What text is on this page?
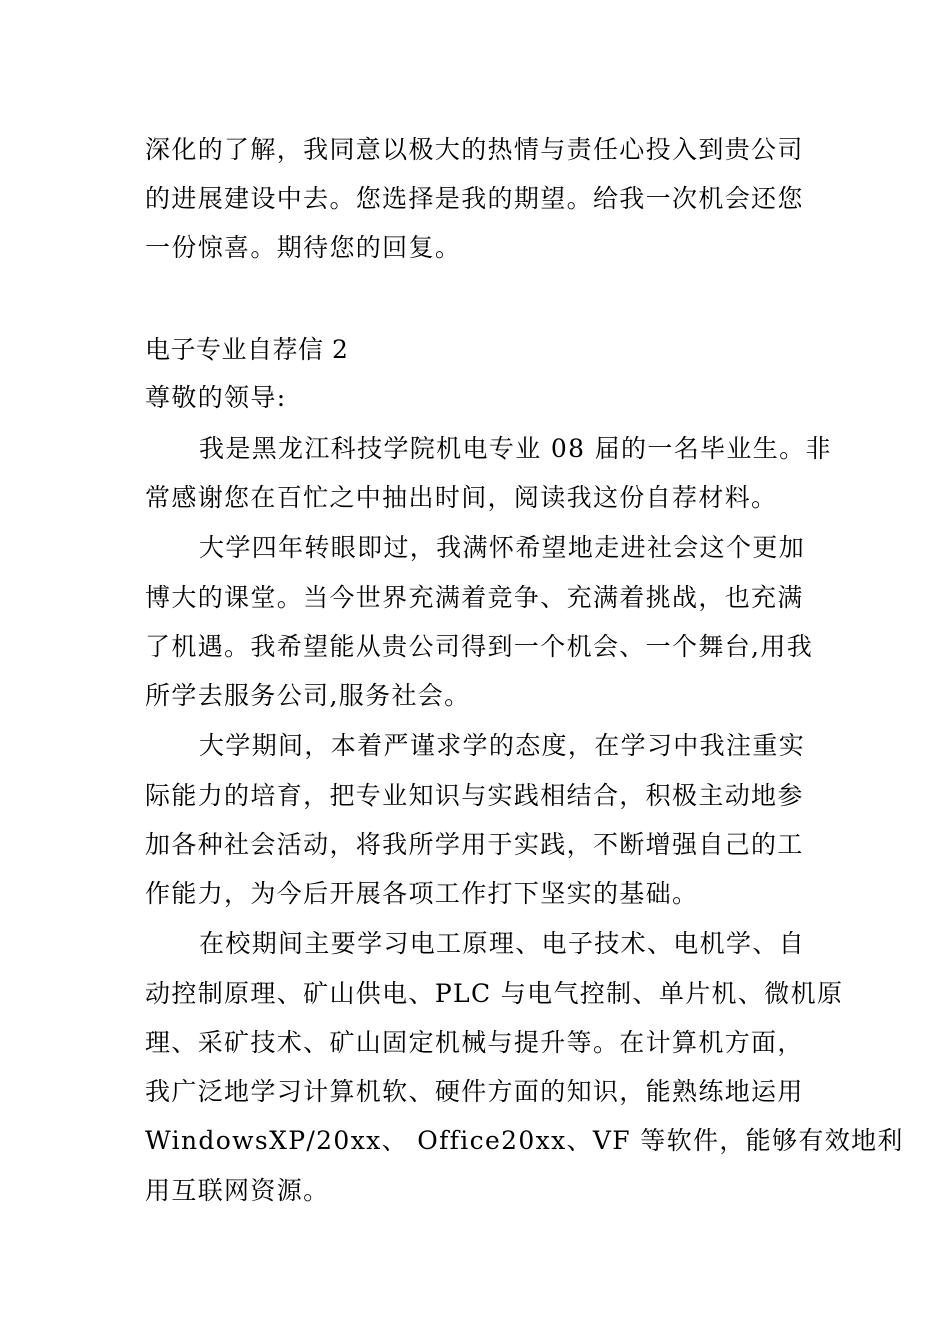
深化的了解，我同意以极大的热情与责任心投入到贵公司

的进展建设中去。您选择是我的期望。给我一次机会还您

一份惊喜。期待您的回复。

电子专业自荐信 2

尊敬的领导:

我是黑龙江科技学院机电专业 08 届的一名毕业生。非

常感谢您在百忙之中抽出时间，阅读我这份自荐材料。

大学四年转眼即过，我满怀希望地走进社会这个更加

博大的课堂。当今世界充满着竞争、充满着挑战，也充满

了机遇。我希望能从贵公司得到一个机会、一个舞台,用我

所学去服务公司,服务社会。

大学期间，本着严谨求学的态度，在学习中我注重实

际能力的培育，把专业知识与实践相结合，积极主动地参

加各种社会活动，将我所学用于实践，不断增强自己的工

作能力，为今后开展各项工作打下坚实的基础。

在校期间主要学习电工原理、电子技术、电机学、自

动控制原理、矿山供电、PLC 与电气控制、单片机、微机原

理、采矿技术、矿山固定机械与提升等。在计算机方面，

我广泛地学习计算机软、硬件方面的知识，能熟练地运用

WindowsXP/20xx、 Office20xx、VF 等软件，能够有效地利

用互联网资源。
